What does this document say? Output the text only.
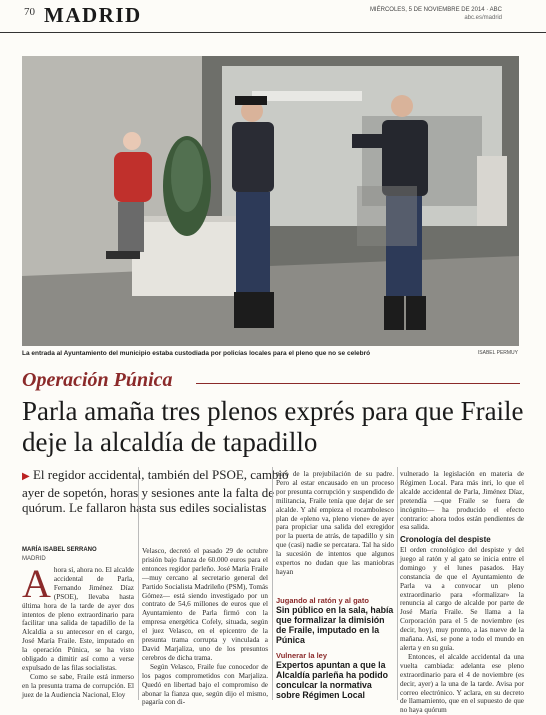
70 MADRID	MIÉRCOLES, 5 DE NOVIEMBRE DE 2014 · ABC
abc.es/madrid
La entrada al Ayuntamiento del municipio estaba custodiada por policías locales para el pleno que no se celebró	ISABEL PERMUY
Operación Púnica
Parla amaña tres plenos exprés para que Fraile deje la alcaldía de tapadillo
▶ El regidor accidental, también del PSOE, cambió ayer de sopetón, horas y sesiones ante la falta de quórum. Le fallaron hasta sus ediles socialistas
MARÍA ISABEL SERRANO
MADRID
A hora sí, ahora no. El alcalde accidental de Parla, Fernando Jiménez Díaz (PSOE), llevaba hasta última hora de la tarde de ayer dos intentos de pleno extraordinario para facilitar una salida de tapadillo de la Alcaldía a su antecesor en el cargo, José María Fraile. Este, imputado en la operación Púnica, se ha visto obligado a dimitir así como a verse expulsado de las filas socialistas.
Como se sabe, Fraile está inmerso en la presunta trama de corrupción. El juez de la Audiencia Nacional, Eloy
Velasco, decretó el pasado 29 de octubre prisión bajo fianza de 60.000 euros para el entonces regidor parleño. José María Fraile —muy cercano al secretario general del Partido Socialista Madrileño (PSM), Tomás Gómez— está siendo investigado por un contrato de 54,6 millones de euros que el Ayuntamiento de Parla firmó con la empresa energética Cofely, situada, según el juez Velasco, en el epicentro de la presunta trama corrupta y vinculada a David Marjaliza, uno de los presuntos cerebros de dicha trama.
Según Velasco, Fraile fue conocedor de los pagos comprometidos con Marjaliza. Quedó en libertad bajo el compromiso de abonar la fianza que, según dijo el mismo, pagaría con di-
nero de la prejubilación de su padre. Pero al estar encausado en un proceso por presunta corrupción y suspendido de militancia, Fraile tenía que dejar de ser alcalde. Y ahí empieza el rocambolesco plan de «pleno va, pleno viene» de ayer para propiciar una salida del exregidor por la puerta de atrás, de tapadillo y sin que (casi) nadie se percatara. Tal ha sido la sucesión de intentos que algunos expertos no dudan que las maniobras hayan
Jugando al ratón y al gato
Sin público en la sala, había que formalizar la dimisión de Fraile, imputado en la Púnica
Vulnerar la ley
Expertos apuntan a que la Alcaldía parleña ha podido conculcar la normativa sobre Régimen Local
vulnerado la legislación en materia de Régimen Local. Para más inri, lo que el alcalde accidental de Parla, Jiménez Díaz, pretendía —que Fraile se fuera de incógnito— ha producido el efecto contrario: ahora todos están pendientes de esa salida.
Cronología del despiste
El orden cronológico del despiste y del juego al ratón y al gato se inicia entre el domingo y el lunes pasados. Hay constancia de que el Ayuntamiento de Parla va a convocar un pleno extraordinario para «formalizar» la renuncia al cargo de alcalde por parte de José María Fraile. Se llama a la Corporación para el 5 de noviembre (es decir, hoy), muy pronto, a las nueve de la mañana. Así, se pone a todo el mundo en alerta y en su guía.
Entonces, el alcalde accidental da una vuelta cambiada: adelanta ese pleno extraordinario para el 4 de noviembre (es decir, ayer) a la una de la tarde. Avisa por correo electrónico. Y aclara, en su decreto de llamamiento, que en el supuesto de que no haya quórum
